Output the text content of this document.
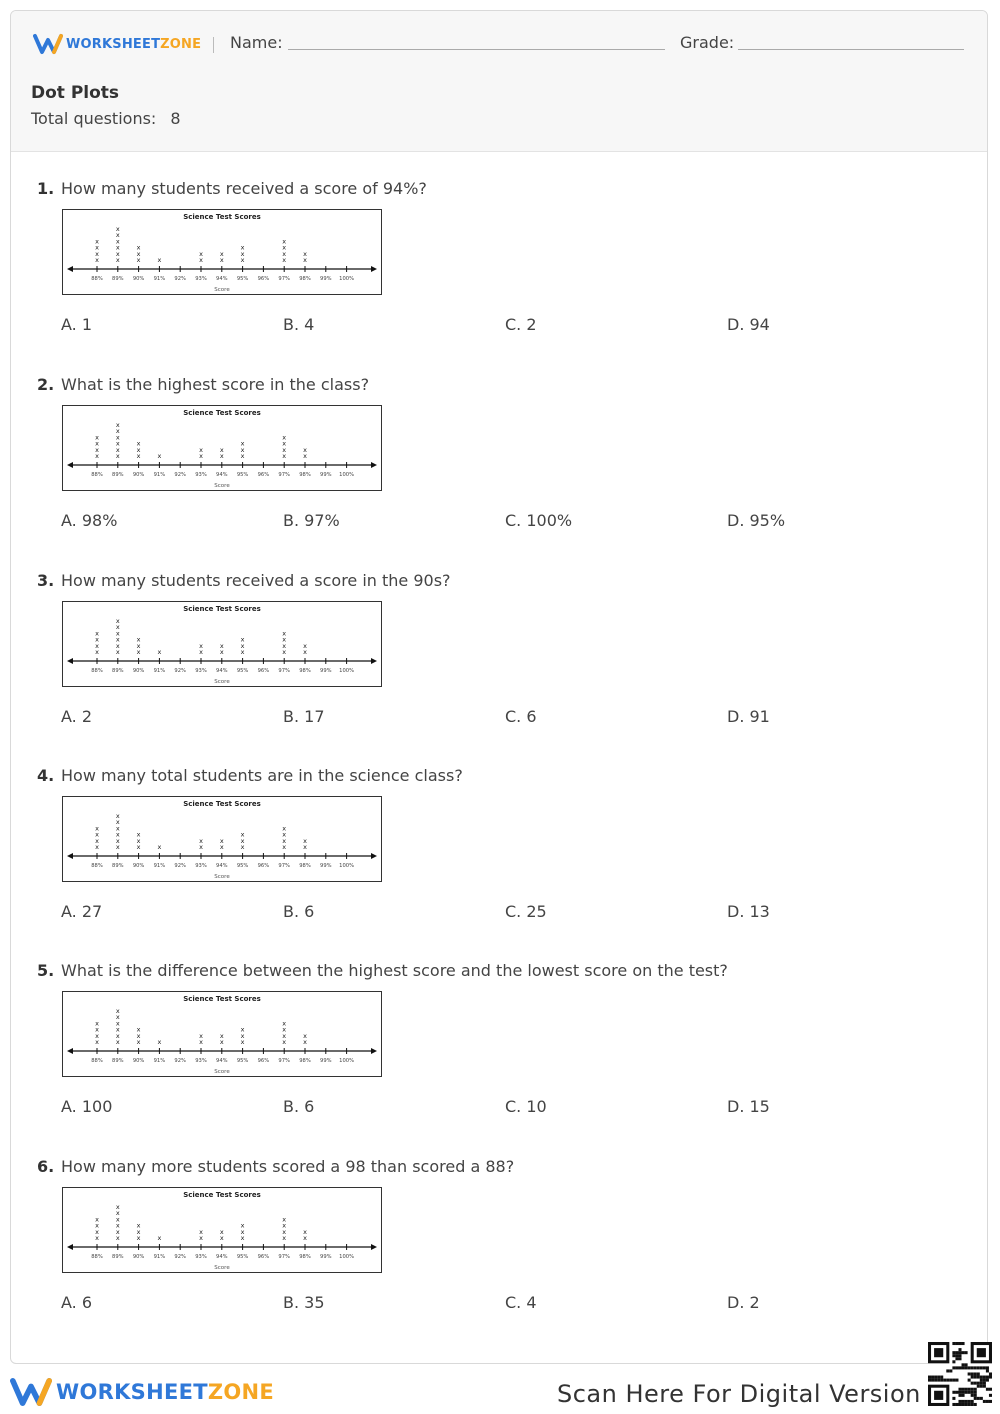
WORKSHEETZONE Name:	Grade:
Dot Plots
Total questions: 8
1. How many students received a score of 94%?
Science Test Scores
88%
x
x
x
x
89%
x
x
x
x
x
x
90%
x
x
x
91%
x
92% 93%
x
x
94%
x
x
95%
x
x
x
96% 97%
x
x
x
x
98%
x
x
99% 100%
Score
A. 1	B. 4	C. 2	D. 94
2. What is the highest score in the class?
Science Test Scores
88%
x
x
x
x
89%
x
x
x
x
x
x
90%
x
x
x
91%
x
92% 93%
x
x
94%
x
x
95%
x
x
x
96% 97%
x
x
x
x
98%
x
x
99% 100%
Score
A. 98%	B. 97%	C. 100%	D. 95%
3. How many students received a score in the 90s?
Science Test Scores
88%
x
x
x
x
89%
x
x
x
x
x
x
90%
x
x
x
91%
x
92% 93%
x
x
94%
x
x
95%
x
x
x
96% 97%
x
x
x
x
98%
x
x
99% 100%
Score
A. 2	B. 17	C. 6	D. 91
4. How many total students are in the science class?
Science Test Scores
88%
x
x
x
x
89%
x
x
x
x
x
x
90%
x
x
x
91%
x
92% 93%
x
x
94%
x
x
95%
x
x
x
96% 97%
x
x
x
x
98%
x
x
99% 100%
Score
A. 27	B. 6	C. 25	D. 13
5. What is the difference between the highest score and the lowest score on the test?
Science Test Scores
88%
x
x
x
x
89%
x
x
x
x
x
x
90%
x
x
x
91%
x
92% 93%
x
x
94%
x
x
95%
x
x
x
96% 97%
x
x
x
x
98%
x
x
99% 100%
Score
A. 100	B. 6	C. 10	D. 15
6. How many more students scored a 98 than scored a 88?
Science Test Scores
88%
x
x
x
x
89%
x
x
x
x
x
x
90%
x
x
x
91%
x
92% 93%
x
x
94%
x
x
95%
x
x
x
96% 97%
x
x
x
x
98%
x
x
99% 100%
Score
A. 6	B. 35	C. 4	D. 2
WORKSHEETZONE	Scan Here For Digital Version
